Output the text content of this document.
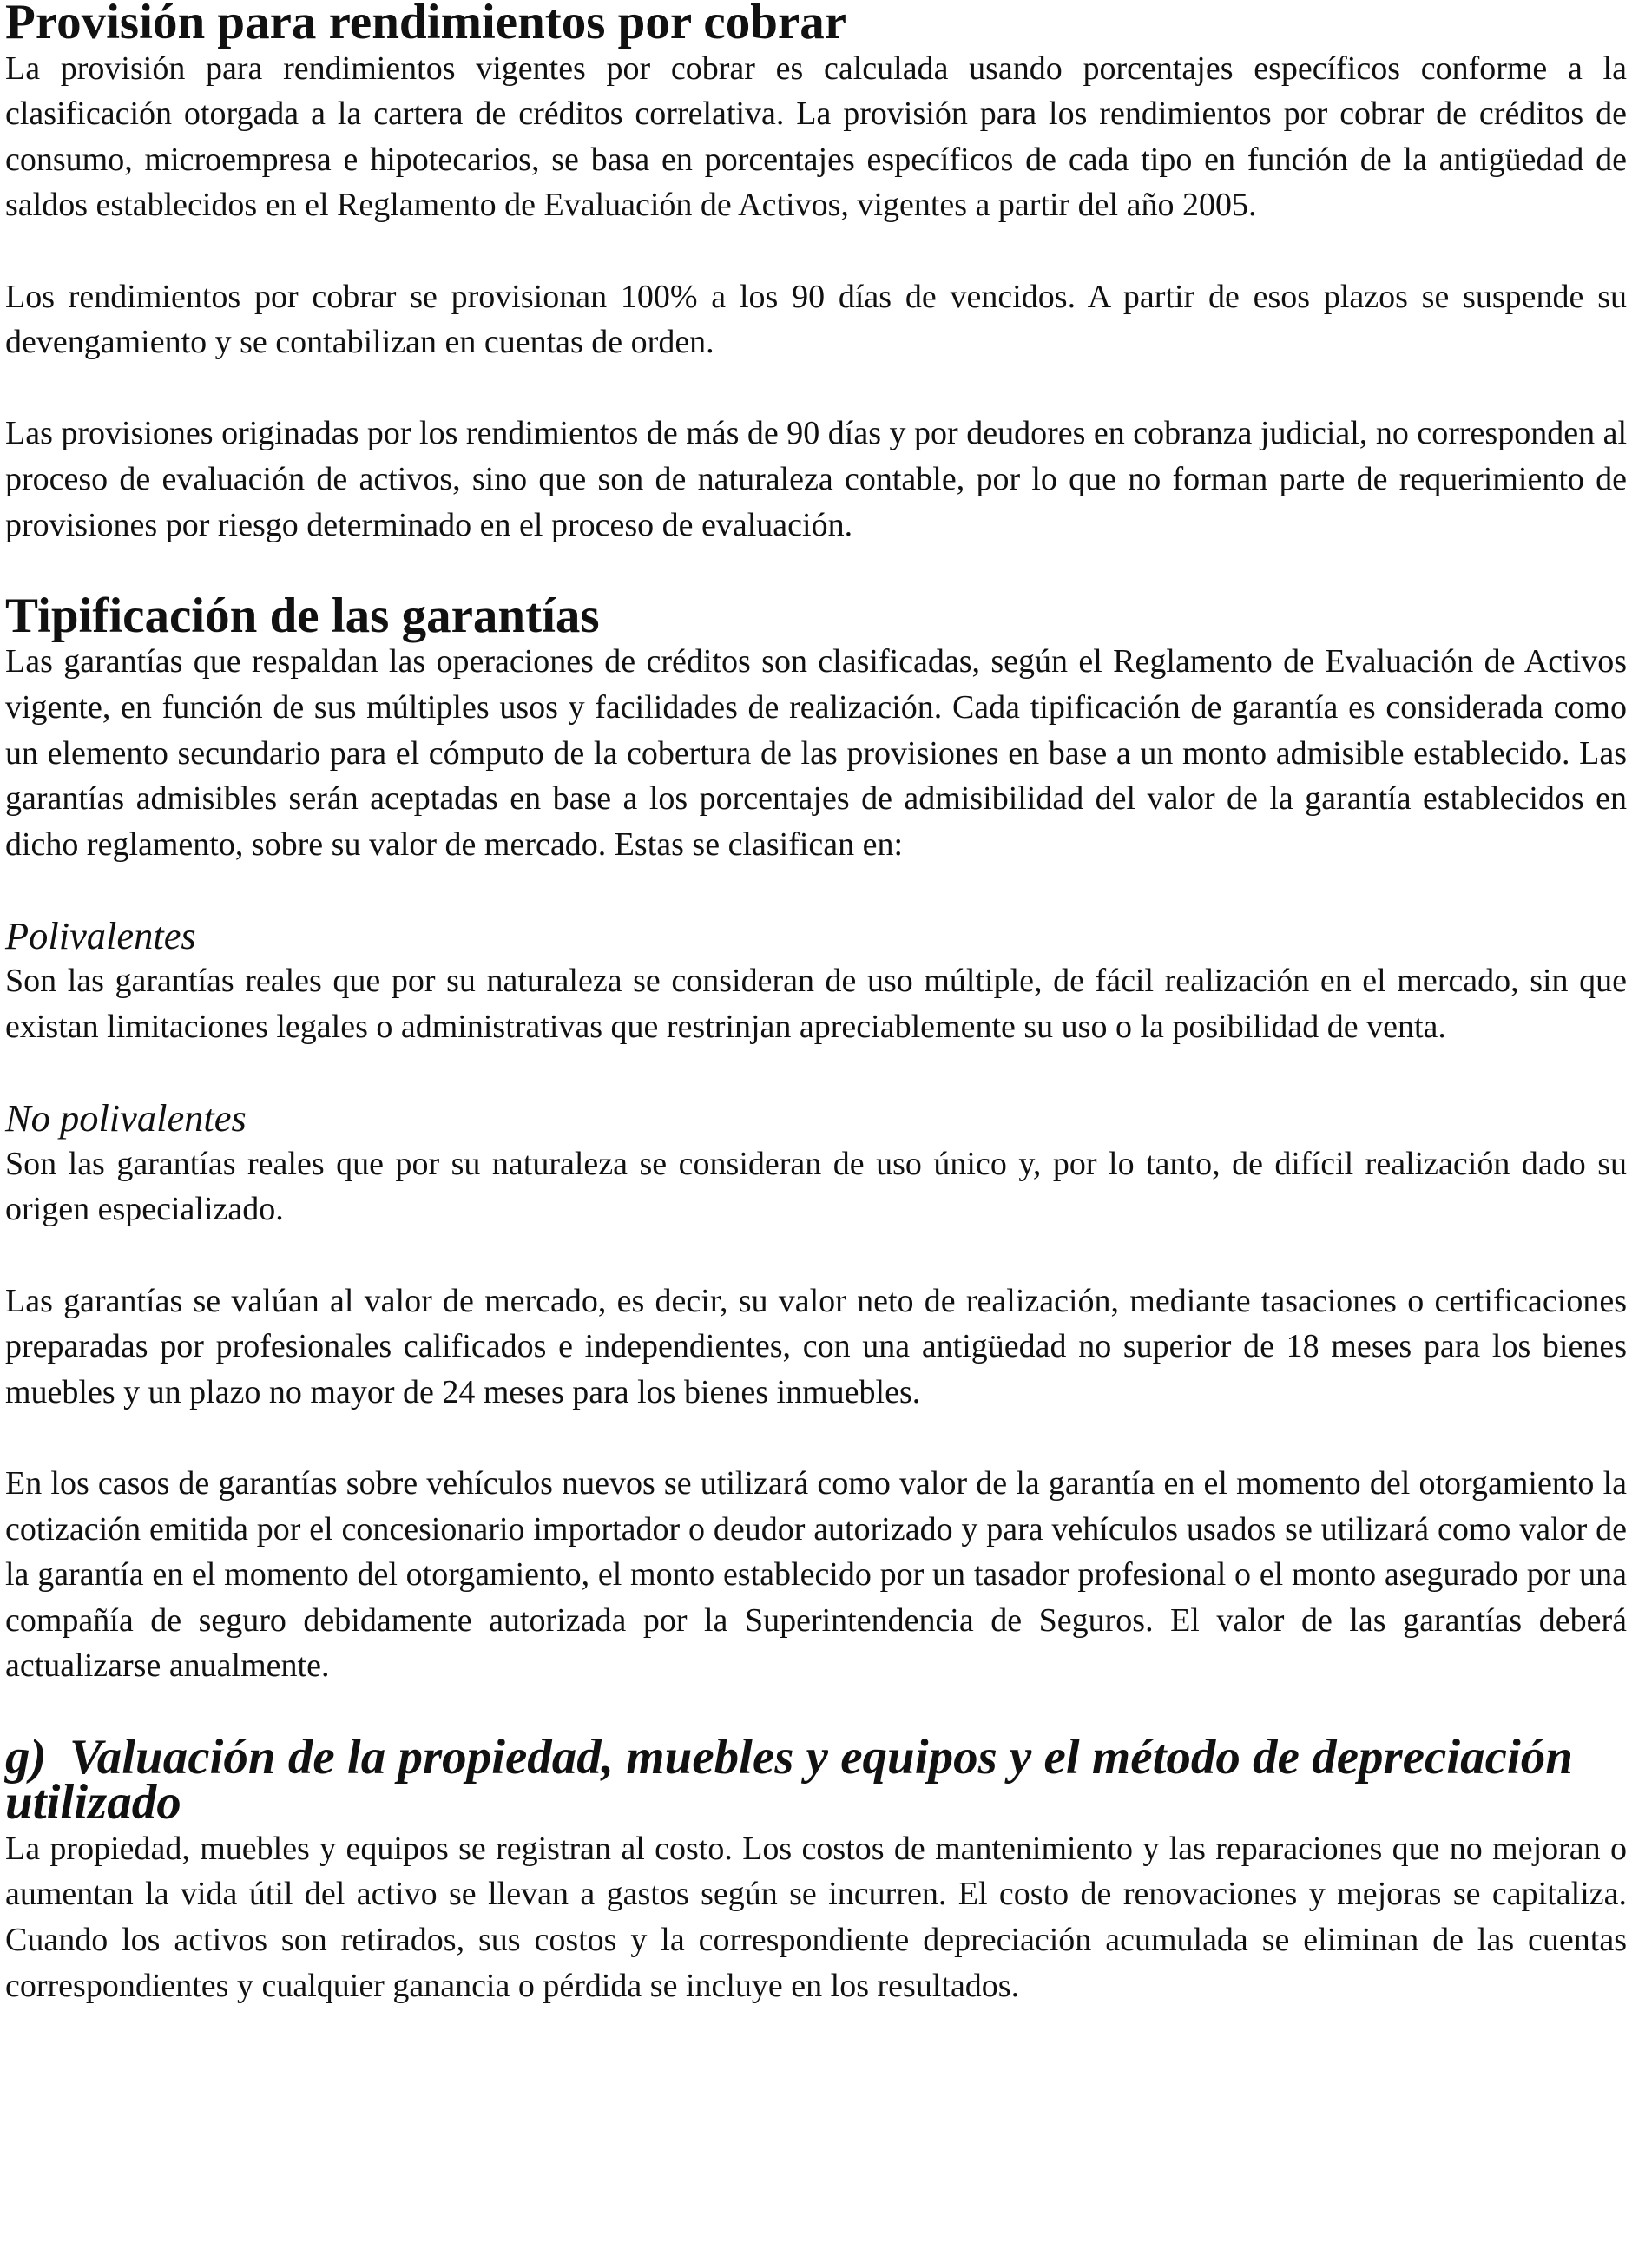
Provisión para rendimientos por cobrar

La provisión para rendimientos vigentes por cobrar es calculada usando porcentajes específicos conforme a la clasificación otorgada a la cartera de créditos correlativa. La provisión para los rendimientos por cobrar de créditos de consumo, microempresa e hipotecarios, se basa en porcentajes específicos de cada tipo en función de la antigüedad de saldos establecidos en el Reglamento de Evaluación de Activos, vigentes a partir del año 2005.

Los rendimientos por cobrar se provisionan 100% a los 90 días de vencidos. A partir de esos plazos se suspende su devengamiento y se contabilizan en cuentas de orden.

Las provisiones originadas por los rendimientos de más de 90 días y por deudores en cobranza judicial, no corresponden al proceso de evaluación de activos, sino que son de naturaleza contable, por lo que no forman parte de requerimiento de provisiones por riesgo determinado en el proceso de evaluación.

Tipificación de las garantías

Las garantías que respaldan las operaciones de créditos son clasificadas, según el Reglamento de Evaluación de Activos vigente, en función de sus múltiples usos y facilidades de realización. Cada tipificación de garantía es considerada como un elemento secundario para el cómputo de la cobertura de las provisiones en base a un monto admisible establecido. Las garantías admisibles serán aceptadas en base a los porcentajes de admisibilidad del valor de la garantía establecidos en dicho reglamento, sobre su valor de mercado. Estas se clasifican en:

Polivalentes

Son las garantías reales que por su naturaleza se consideran de uso múltiple, de fácil realización en el mercado, sin que existan limitaciones legales o administrativas que restrinjan apreciablemente su uso o la posibilidad de venta.

No polivalentes

Son las garantías reales que por su naturaleza se consideran de uso único y, por lo tanto, de difícil realización dado su origen especializado.

Las garantías se valúan al valor de mercado, es decir, su valor neto de realización, mediante tasaciones o certificaciones preparadas por profesionales calificados e independientes, con una antigüedad no superior de 18 meses para los bienes muebles y un plazo no mayor de 24 meses para los bienes inmuebles.

En los casos de garantías sobre vehículos nuevos se utilizará como valor de la garantía en el momento del otorgamiento la cotización emitida por el concesionario importador o deudor autorizado y para vehículos usados se utilizará como valor de la garantía en el momento del otorgamiento, el monto establecido por un tasador profesional o el monto asegurado por una compañía de seguro debidamente autorizada por la Superintendencia de Seguros. El valor de las garantías deberá actualizarse anualmente.

g) Valuación de la propiedad, muebles y equipos y el método de depreciación utilizado

La propiedad, muebles y equipos se registran al costo. Los costos de mantenimiento y las reparaciones que no mejoran o aumentan la vida útil del activo se llevan a gastos según se incurren. El costo de renovaciones y mejoras se capitaliza. Cuando los activos son retirados, sus costos y la correspondiente depreciación acumulada se eliminan de las cuentas correspondientes y cualquier ganancia o pérdida se incluye en los resultados.
